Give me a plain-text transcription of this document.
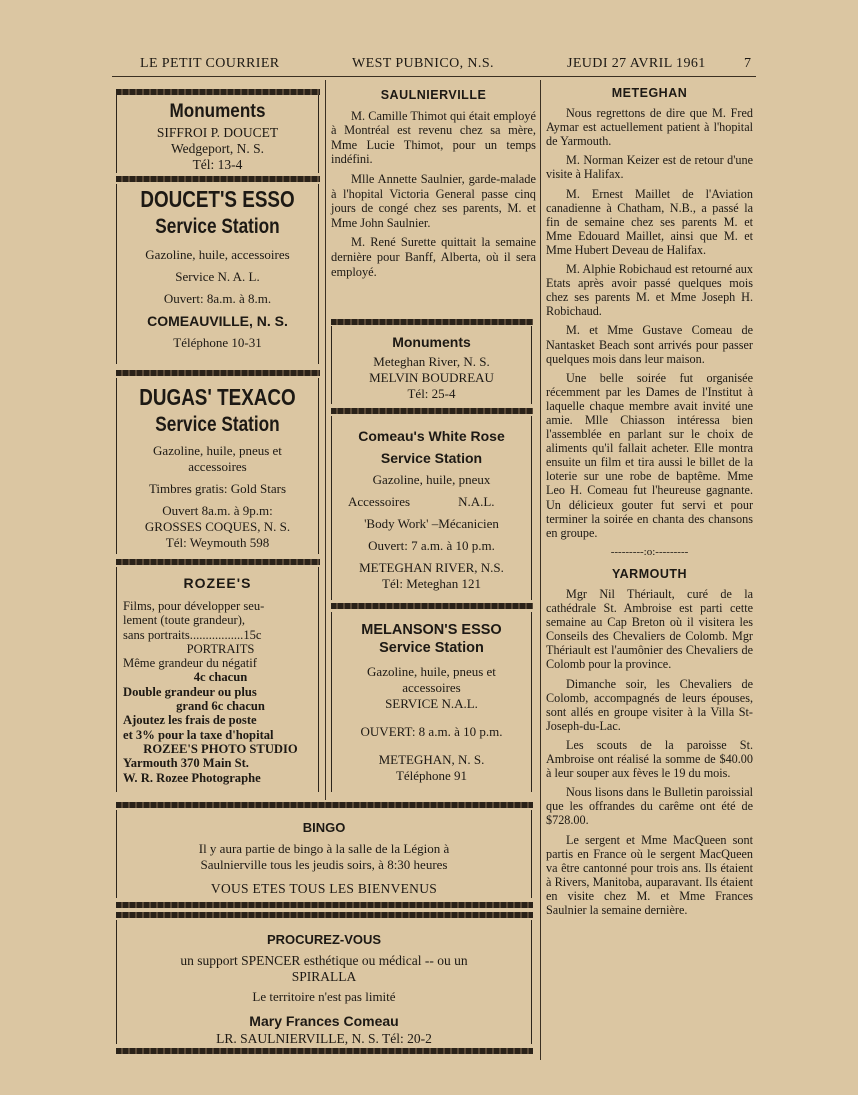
LE PETIT COURRIER	WEST PUBNICO, N.S.	JEUDI 27 AVRIL 1961	7
Monuments
SIFFROI P. DOUCET
Wedgeport, N. S.
Tél: 13-4
DOUCET'S ESSO
Service Station
Gazoline, huile, accessoires
Service N. A. L.
Ouvert: 8a.m. à 8.m.
COMEAUVILLE, N. S.
Téléphone 10-31
DUGAS' TEXACO
Service Station
Gazoline, huile, pneus et
accessoires
Timbres gratis: Gold Stars
Ouvert 8a.m. à 9p.m:
GROSSES COQUES, N. S.
Tél: Weymouth 598
ROZEE'S
Films, pour développer seu-
lement (toute grandeur),
sans portraits.................15c
PORTRAITS
Même grandeur du négatif
4c chacun
Double grandeur ou plus
grand 6c chacun
Ajoutez les frais de poste
et 3% pour la taxe d'hopital
ROZEE'S PHOTO STUDIO
Yarmouth 370 Main St.
W. R. Rozee Photographe
SAULNIERVILLE

M. Camille Thimot qui était employé à Montréal est revenu chez sa mère, Mme Lucie Thimot, pour un temps indéfini.

Mlle Annette Saulnier, garde-malade à l'hopital Victoria General passe cinq jours de congé chez ses parents, M. et Mme John Saulnier.

M. René Surette quittait la semaine dernière pour Banff, Alberta, où il sera employé.

Monuments
Meteghan River, N. S.
MELVIN BOUDREAU
Tél: 25-4
Comeau's White Rose
Service Station
Gazoline, huile, pneux
Accessoires	N.A.L.
'Body Work' –Mécanicien
Ouvert: 7 a.m. à 10 p.m.
METEGHAN RIVER, N.S.
Tél: Meteghan 121
MELANSON'S ESSO
Service Station
Gazoline, huile, pneus et
accessoires
SERVICE N.A.L.
OUVERT: 8 a.m. à 10 p.m.
METEGHAN, N. S.
Téléphone 91
BINGO
Il y aura partie de bingo à la salle de la Légion à
Saulnierville tous les jeudis soirs, à 8:30 heures
VOUS ETES TOUS LES BIENVENUS
PROCUREZ-VOUS
un support SPENCER esthétique ou médical -- ou un
SPIRALLA
Le territoire n'est pas limité
Mary Frances Comeau
LR. SAULNIERVILLE, N. S. Tél: 20-2
METEGHAN

Nous regrettons de dire que M. Fred Aymar est actuellement patient à l'hopital de Yarmouth.

M. Norman Keizer est de retour d'une visite à Halifax.

M. Ernest Maillet de l'Aviation canadienne à Chatham, N.B., a passé la fin de semaine chez ses parents M. et Mme Edouard Maillet, ainsi que M. et Mme Hubert Deveau de Halifax.

M. Alphie Robichaud est retourné aux Etats après avoir passé quelques mois chez ses parents M. et Mme Joseph H. Robichaud.

M. et Mme Gustave Comeau de Nantasket Beach sont arrivés pour passer quelques mois dans leur maison.

Une belle soirée fut organisée récemment par les Dames de l'Institut à laquelle chaque membre avait invité une amie. Mlle Chiasson intéressa bien l'assemblée en parlant sur le choix de aliments qu'il fallait acheter. Elle montra ensuite un film et tira aussi le billet de la loterie sur une robe de baptême. Mme Leo H. Comeau fut l'heureuse gagnante. Un délicieux gouter fut servi et pour terminer la soirée en chanta des chansons en groupe.

---------:o:---------
YARMOUTH

Mgr Nil Thériault, curé de la cathédrale St. Ambroise est parti cette semaine au Cap Breton où il visitera les Conseils des Chevaliers de Colomb. Mgr Thériault est l'aumônier des Chevaliers de Colomb pour la province.

Dimanche soir, les Chevaliers de Colomb, accompagnés de leurs épouses, sont allés en groupe visiter à la Villa St-Joseph-du-Lac.

Les scouts de la paroisse St. Ambroise ont réalisé la somme de $40.00 à leur souper aux fèves le 19 du mois.

Nous lisons dans le Bulletin paroissial que les offrandes du carême ont été de $728.00.

Le sergent et Mme MacQueen sont partis en France où le sergent MacQueen va être cantonné pour trois ans. Ils étaient à Rivers, Manitoba, auparavant. Ils étaient en visite chez M. et Mme Frances Saulnier la semaine dernière.
